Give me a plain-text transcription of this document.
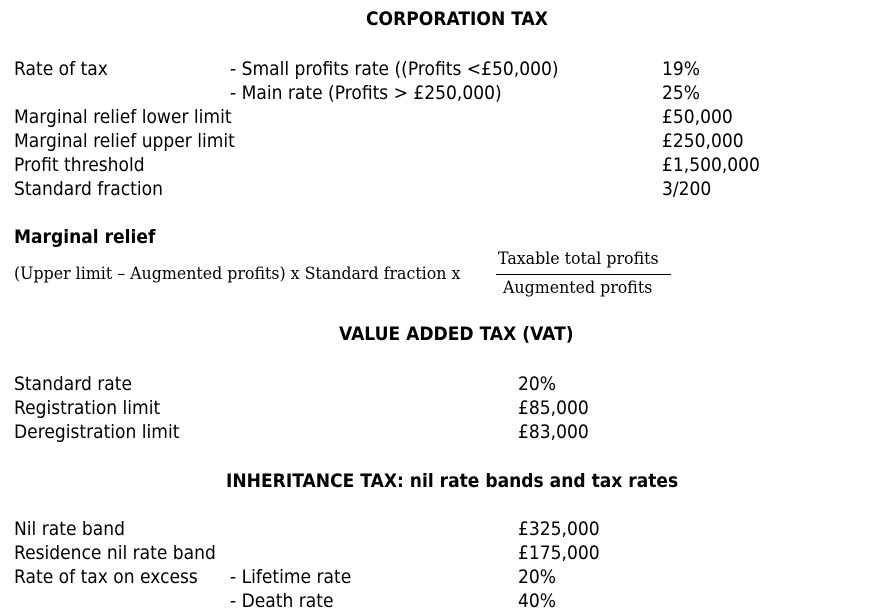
CORPORATION TAX
Rate of tax	- Small profits rate ((Profits <£50,000)	19%
- Main rate (Profits > £250,000)	25%
Marginal relief lower limit	£50,000
Marginal relief upper limit	£250,000
Profit threshold	£1,500,000
Standard fraction	3/200
Marginal relief
(Upper limit – Augmented profits) x Standard fraction x
Taxable total profits
Augmented profits
VALUE ADDED TAX (VAT)
Standard rate	20%
Registration limit	£85,000
Deregistration limit	£83,000
INHERITANCE TAX: nil rate bands and tax rates
Nil rate band	£325,000
Residence nil rate band	£175,000
Rate of tax on excess - Lifetime rate	20%
- Death rate	40%
